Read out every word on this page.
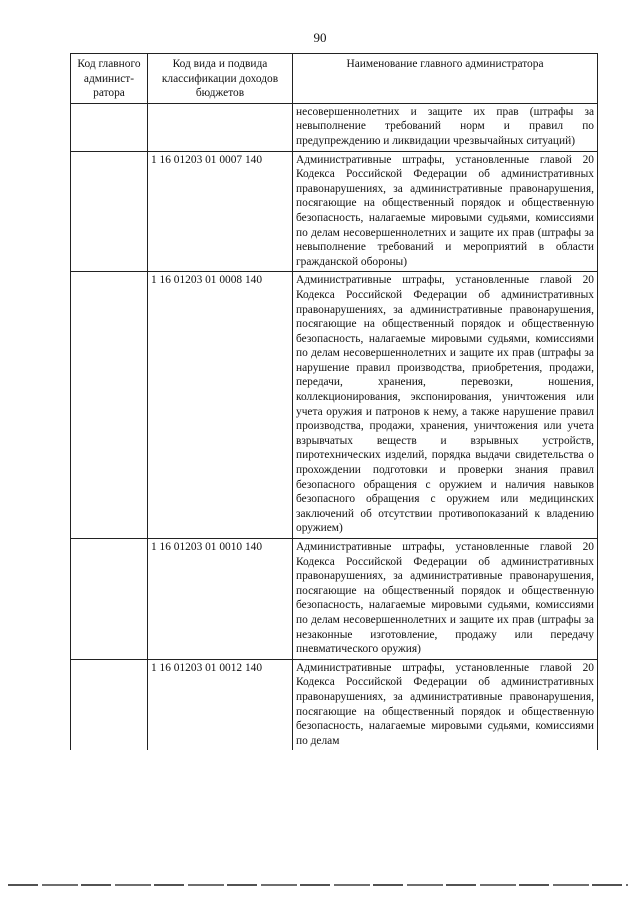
90
Код главного админист-ратора	Код вида и подвида классификации доходов бюджетов	Наименование главного администратора
		несовершеннолетних и защите их прав (штрафы за невыполнение требований норм и правил по предупреждению и ликвидации чрезвычайных ситуаций)
	1 16 01203 01 0007 140	Административные штрафы, установленные главой 20 Кодекса Российской Федерации об административных правонарушениях, за административные правонарушения, посягающие на общественный порядок и общественную безопасность, налагаемые мировыми судьями, комиссиями по делам несовершеннолетних и защите их прав (штрафы за невыполнение требований и мероприятий в области гражданской обороны)
	1 16 01203 01 0008 140	Административные штрафы, установленные главой 20 Кодекса Российской Федерации об административных правонарушениях, за административные правонарушения, посягающие на общественный порядок и общественную безопасность, налагаемые мировыми судьями, комиссиями по делам несовершеннолетних и защите их прав (штрафы за нарушение правил производства, приобретения, продажи, передачи, хранения, перевозки, ношения, коллекционирования, экспонирования, уничтожения или учета оружия и патронов к нему, а также нарушение правил производства, продажи, хранения, уничтожения или учета взрывчатых веществ и взрывных устройств, пиротехнических изделий, порядка выдачи свидетельства о прохождении подготовки и проверки знания правил безопасного обращения с оружием и наличия навыков безопасного обращения с оружием или медицинских заключений об отсутствии противопоказаний к владению оружием)
	1 16 01203 01 0010 140	Административные штрафы, установленные главой 20 Кодекса Российской Федерации об административных правонарушениях, за административные правонарушения, посягающие на общественный порядок и общественную безопасность, налагаемые мировыми судьями, комиссиями по делам несовершеннолетних и защите их прав (штрафы за незаконные изготовление, продажу или передачу пневматического оружия)
	1 16 01203 01 0012 140	Административные штрафы, установленные главой 20 Кодекса Российской Федерации об административных правонарушениях, за административные правонарушения, посягающие на общественный порядок и общественную безопасность, налагаемые мировыми судьями, комиссиями по делам
